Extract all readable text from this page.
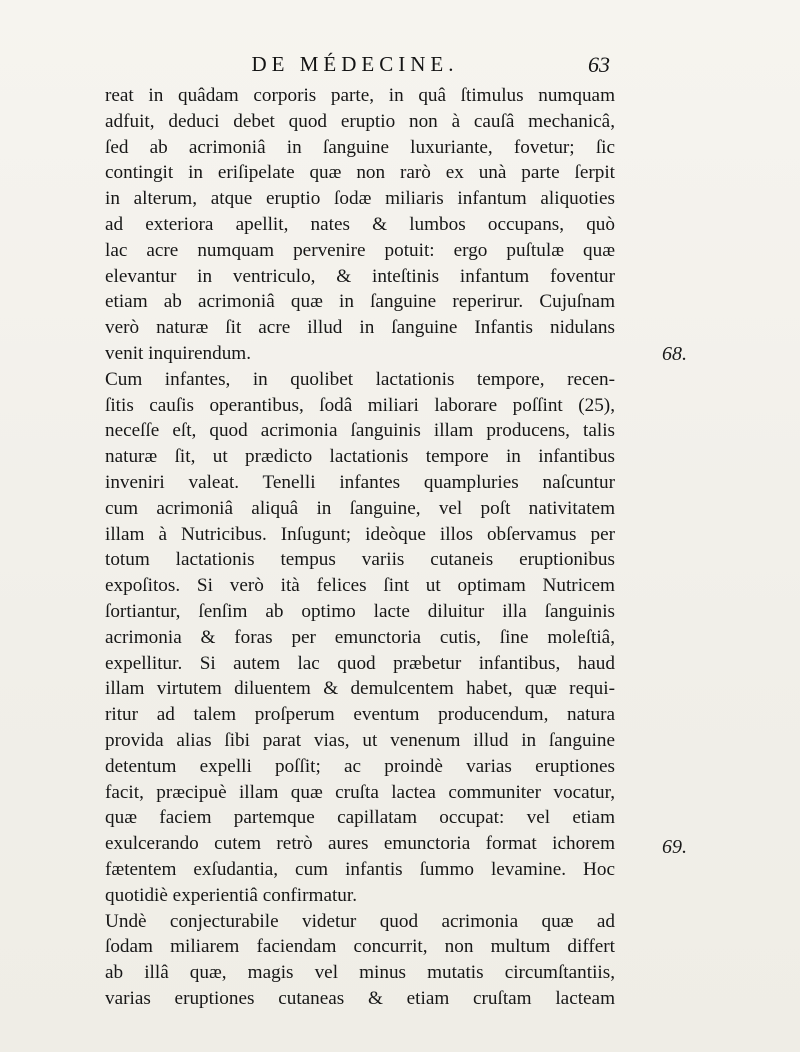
DE MÉDECINE.	63
reat in quâdam corporis parte, in quâ ſtimulus numquam
adfuit, deduci debet quod eruptio non à cauſâ mechanicâ,
ſed ab acrimoniâ in ſanguine luxuriante, fovetur; ſic
contingit in eriſipelate quæ non rarò ex unà parte ſerpit
in alterum, atque eruptio ſodæ miliaris infantum aliquoties
ad exteriora apellit, nates & lumbos occupans, quò
lac acre numquam pervenire potuit: ergo puſtulæ quæ
elevantur in ventriculo, & inteſtinis infantum foventur
etiam ab acrimoniâ quæ in ſanguine reperirur. Cujuſnam
verò naturæ ſit acre illud in ſanguine Infantis nidulans
venit inquirendum.
Cum infantes, in quolibet lactationis tempore, recen-
ſitis cauſis operantibus, ſodâ miliari laborare poſſint (25),
neceſſe eſt, quod acrimonia ſanguinis illam producens, talis
naturæ ſit, ut prædicto lactationis tempore in infantibus
inveniri valeat. Tenelli infantes quampluries naſcuntur
cum acrimoniâ aliquâ in ſanguine, vel poſt nativitatem
illam à Nutricibus. Inſugunt; ideòque illos obſervamus per
totum lactationis tempus variis cutaneis eruptionibus
expoſitos. Si verò ità felices ſint ut optimam Nutricem
ſortiantur, ſenſim ab optimo lacte diluitur illa ſanguinis
acrimonia & foras per emunctoria cutis, ſine moleſtiâ,
expellitur. Si autem lac quod præbetur infantibus, haud
illam virtutem diluentem & demulcentem habet, quæ requi-
ritur ad talem proſperum eventum producendum, natura
provida alias ſibi parat vias, ut venenum illud in ſanguine
detentum expelli poſſit; ac proindè varias eruptiones
facit, præcipuè illam quæ cruſta lactea communiter vocatur,
quæ faciem partemque capillatam occupat: vel etiam
exulcerando cutem retrò aures emunctoria format ichorem
fætentem exſudantia, cum infantis ſummo levamine. Hoc
quotidiè experientiâ confirmatur.
Undè conjecturabile videtur quod acrimonia quæ ad
ſodam miliarem faciendam concurrit, non multum differt
ab illâ quæ, magis vel minus mutatis circumſtantiis,
varias eruptiones cutaneas & etiam cruſtam lacteam
68.
69.
